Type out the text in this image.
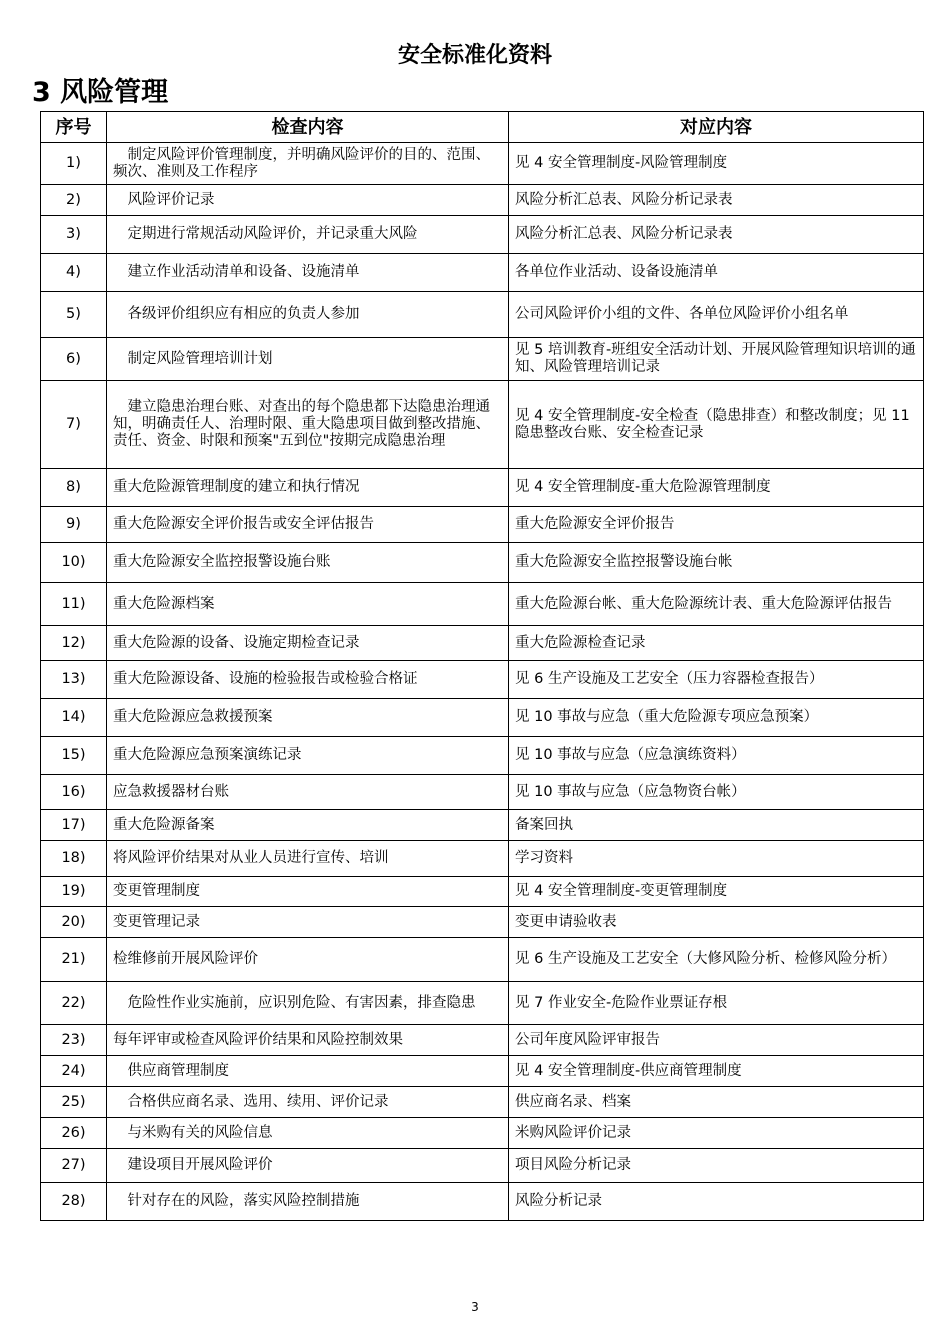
安全标准化资料
3 风险管理
序号	检查内容	对应内容
1)	　制定风险评价管理制度，并明确风险评价的目的、范围、频次、准则及工作程序	见 4 安全管理制度-风险管理制度
2)	　风险评价记录	风险分析汇总表、风险分析记录表
3)	　定期进行常规活动风险评价，并记录重大风险	风险分析汇总表、风险分析记录表
4)	　建立作业活动清单和设备、设施清单	各单位作业活动、设备设施清单
5)	　各级评价组织应有相应的负责人参加	公司风险评价小组的文件、各单位风险评价小组名单
6)	　制定风险管理培训计划	见 5 培训教育-班组安全活动计划、开展风险管理知识培训的通知、风险管理培训记录
7)	　建立隐患治理台账、对查出的每个隐患都下达隐患治理通知，明确责任人、治理时限、重大隐患项目做到整改措施、责任、资金、时限和预案"五到位"按期完成隐患治理	见 4 安全管理制度-安全检查（隐患排查）和整改制度；见 11 隐患整改台账、安全检查记录
8)	重大危险源管理制度的建立和执行情况	见 4 安全管理制度-重大危险源管理制度
9)	重大危险源安全评价报告或安全评估报告	重大危险源安全评价报告
10)	重大危险源安全监控报警设施台账	重大危险源安全监控报警设施台帐
11)	重大危险源档案	重大危险源台帐、重大危险源统计表、重大危险源评估报告
12)	重大危险源的设备、设施定期检查记录	重大危险源检查记录
13)	重大危险源设备、设施的检验报告或检验合格证	见 6 生产设施及工艺安全（压力容器检查报告）
14)	重大危险源应急救援预案	见 10 事故与应急（重大危险源专项应急预案）
15)	重大危险源应急预案演练记录	见 10 事故与应急（应急演练资料）
16)	应急救援器材台账	见 10 事故与应急（应急物资台帐）
17)	重大危险源备案	备案回执
18)	将风险评价结果对从业人员进行宣传、培训	学习资料
19)	变更管理制度	见 4 安全管理制度-变更管理制度
20)	变更管理记录	变更申请验收表
21)	检维修前开展风险评价	见 6 生产设施及工艺安全（大修风险分析、检修风险分析）
22)	　危险性作业实施前，应识别危险、有害因素，排查隐患	见 7 作业安全-危险作业票证存根
23)	每年评审或检查风险评价结果和风险控制效果	公司年度风险评审报告
24)	　供应商管理制度	见 4 安全管理制度-供应商管理制度
25)	　合格供应商名录、选用、续用、评价记录	供应商名录、档案
26)	　与米购有关的风险信息	米购风险评价记录
27)	　建设项目开展风险评价	项目风险分析记录
28)	　针对存在的风险，落实风险控制措施	风险分析记录
3
